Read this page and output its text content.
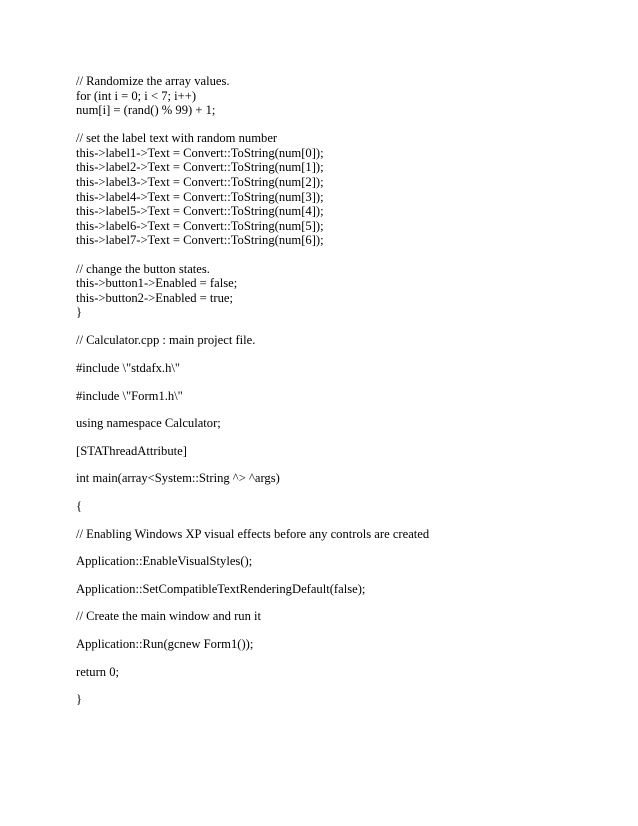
// Randomize the array values.
for (int i = 0; i < 7; i++)
num[i] = (rand() % 99) + 1;
// set the label text with random number
this->label1->Text = Convert::ToString(num[0]);
this->label2->Text = Convert::ToString(num[1]);
this->label3->Text = Convert::ToString(num[2]);
this->label4->Text = Convert::ToString(num[3]);
this->label5->Text = Convert::ToString(num[4]);
this->label6->Text = Convert::ToString(num[5]);
this->label7->Text = Convert::ToString(num[6]);
// change the button states.
this->button1->Enabled = false;
this->button2->Enabled = true;
}
// Calculator.cpp : main project file.
#include \"stdafx.h\"
#include \"Form1.h\"
using namespace Calculator;
[STAThreadAttribute]
int main(array<System::String ^> ^args)
{
// Enabling Windows XP visual effects before any controls are created
Application::EnableVisualStyles();
Application::SetCompatibleTextRenderingDefault(false);
// Create the main window and run it
Application::Run(gcnew Form1());
return 0;
}
